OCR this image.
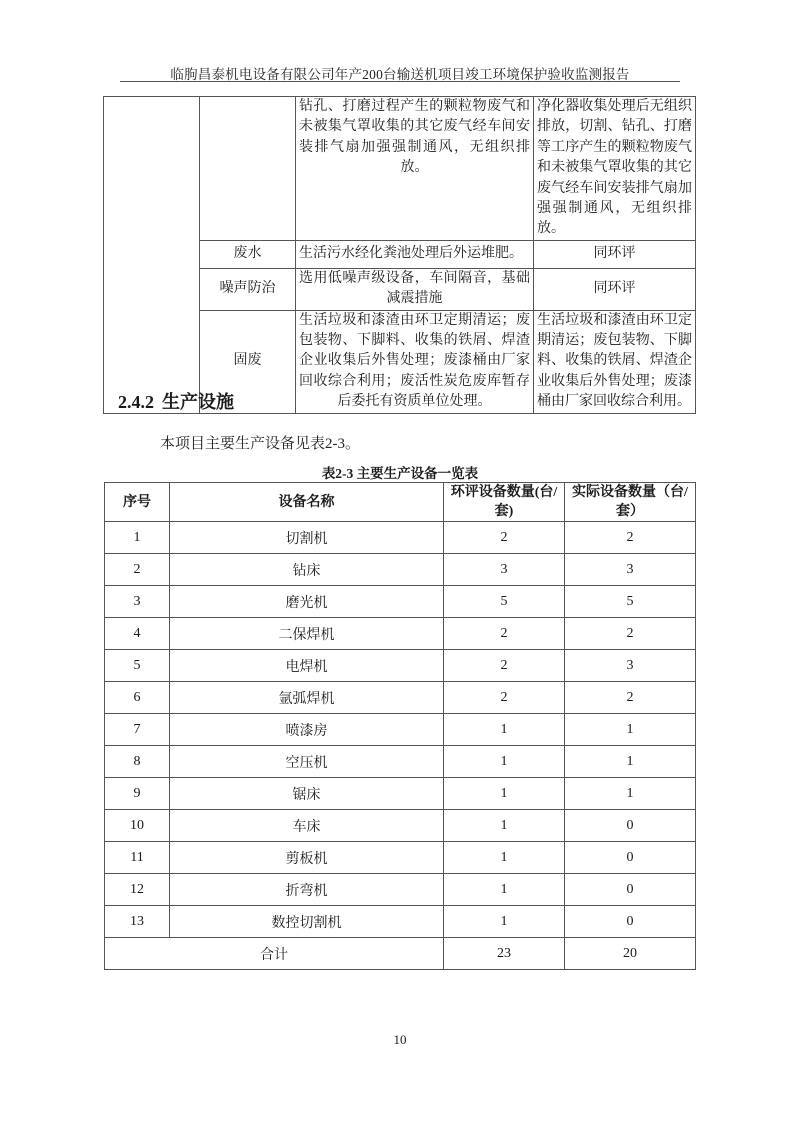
临朐昌泰机电设备有限公司年产200台输送机项目竣工环境保护验收监测报告
		钻孔、打磨过程产生的颗粒物废气和未被集气罩收集的其它废气经车间安装排气扇加强强制通风，无组织排放。	净化器收集处理后无组织排放，切割、钻孔、打磨等工序产生的颗粒物废气和未被集气罩收集的其它废气经车间安装排气扇加强强制通风，无组织排放。
	废水	生活污水经化粪池处理后外运堆肥。	同环评
	噪声防治	选用低噪声级设备，车间隔音，基础减震措施	同环评
	固废	生活垃圾和漆渣由环卫定期清运；废包装物、下脚料、收集的铁屑、焊渣企业收集后外售处理；废漆桶由厂家回收综合利用；废活性炭危废库暂存后委托有资质单位处理。	生活垃圾和漆渣由环卫定期清运；废包装物、下脚料、收集的铁屑、焊渣企业收集后外售处理；废漆桶由厂家回收综合利用。
2.4.2 生产设施
本项目主要生产设备见表2-3。
表2-3 主要生产设备一览表
序号	设备名称	环评设备数量(台/套)	实际设备数量（台/套）
1	切割机	2	2
2	钻床	3	3
3	磨光机	5	5
4	二保焊机	2	2
5	电焊机	2	3
6	氩弧焊机	2	2
7	喷漆房	1	1
8	空压机	1	1
9	锯床	1	1
10	车床	1	0
11	剪板机	1	0
12	折弯机	1	0
13	数控切割机	1	0
合计		23	20
10
